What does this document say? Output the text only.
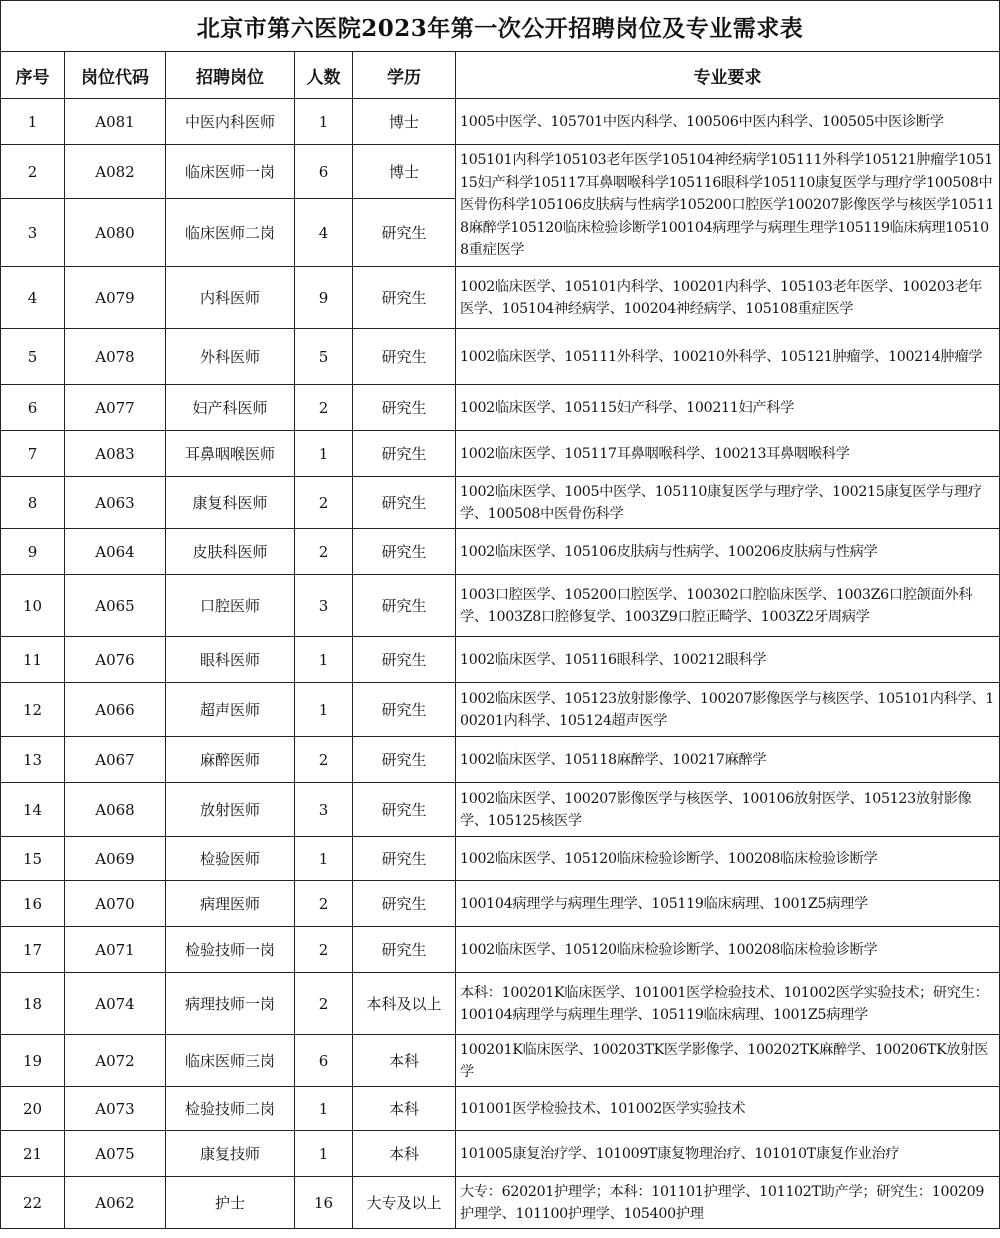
北京市第六医院2023年第一次公开招聘岗位及专业需求表					
序号	岗位代码	招聘岗位	人数	学历	专业要求
1	A081	中医内科医师	1	博士	1005中医学、105701中医内科学、100506中医内科学、100505中医诊断学
2	A082	临床医师一岗	6	博士	105101内科学105103老年医学105104神经病学105111外科学105121肿瘤学105115妇产科学105117耳鼻咽喉科学105116眼科学105110康复医学与理疗学100508中医骨伤科学105106皮肤病与性病学105200口腔医学100207影像医学与核医学105118麻醉学105120临床检验诊断学100104病理学与病理生理学105119临床病理105108重症医学
3	A080	临床医师二岗	4	研究生	
4	A079	内科医师	9	研究生	1002临床医学、105101内科学、100201内科学、105103老年医学、100203老年医学、105104神经病学、100204神经病学、105108重症医学
5	A078	外科医师	5	研究生	1002临床医学、105111外科学、100210外科学、105121肿瘤学、100214肿瘤学
6	A077	妇产科医师	2	研究生	1002临床医学、105115妇产科学、100211妇产科学
7	A083	耳鼻咽喉医师	1	研究生	1002临床医学、105117耳鼻咽喉科学、100213耳鼻咽喉科学
8	A063	康复科医师	2	研究生	1002临床医学、1005中医学、105110康复医学与理疗学、100215康复医学与理疗学、100508中医骨伤科学
9	A064	皮肤科医师	2	研究生	1002临床医学、105106皮肤病与性病学、100206皮肤病与性病学
10	A065	口腔医师	3	研究生	1003口腔医学、105200口腔医学、100302口腔临床医学、1003Z6口腔颌面外科学、1003Z8口腔修复学、1003Z9口腔正畸学、1003Z2牙周病学
11	A076	眼科医师	1	研究生	1002临床医学、105116眼科学、100212眼科学
12	A066	超声医师	1	研究生	1002临床医学、105123放射影像学、100207影像医学与核医学、105101内科学、100201内科学、105124超声医学
13	A067	麻醉医师	2	研究生	1002临床医学、105118麻醉学、100217麻醉学
14	A068	放射医师	3	研究生	1002临床医学、100207影像医学与核医学、100106放射医学、105123放射影像学、105125核医学
15	A069	检验医师	1	研究生	1002临床医学、105120临床检验诊断学、100208临床检验诊断学
16	A070	病理医师	2	研究生	100104病理学与病理生理学、105119临床病理、1001Z5病理学
17	A071	检验技师一岗	2	研究生	1002临床医学、105120临床检验诊断学、100208临床检验诊断学
18	A074	病理技师一岗	2	本科及以上	本科：100201K临床医学、101001医学检验技术、101002医学实验技术；研究生：100104病理学与病理生理学、105119临床病理、1001Z5病理学
19	A072	临床医师三岗	6	本科	100201K临床医学、100203TK医学影像学、100202TK麻醉学、100206TK放射医学
20	A073	检验技师二岗	1	本科	101001医学检验技术、101002医学实验技术
21	A075	康复技师	1	本科	101005康复治疗学、101009T康复物理治疗、101010T康复作业治疗
22	A062	护士	16	大专及以上	大专：620201护理学；本科：101101护理学、101102T助产学；研究生：100209护理学、101100护理学、105400护理
